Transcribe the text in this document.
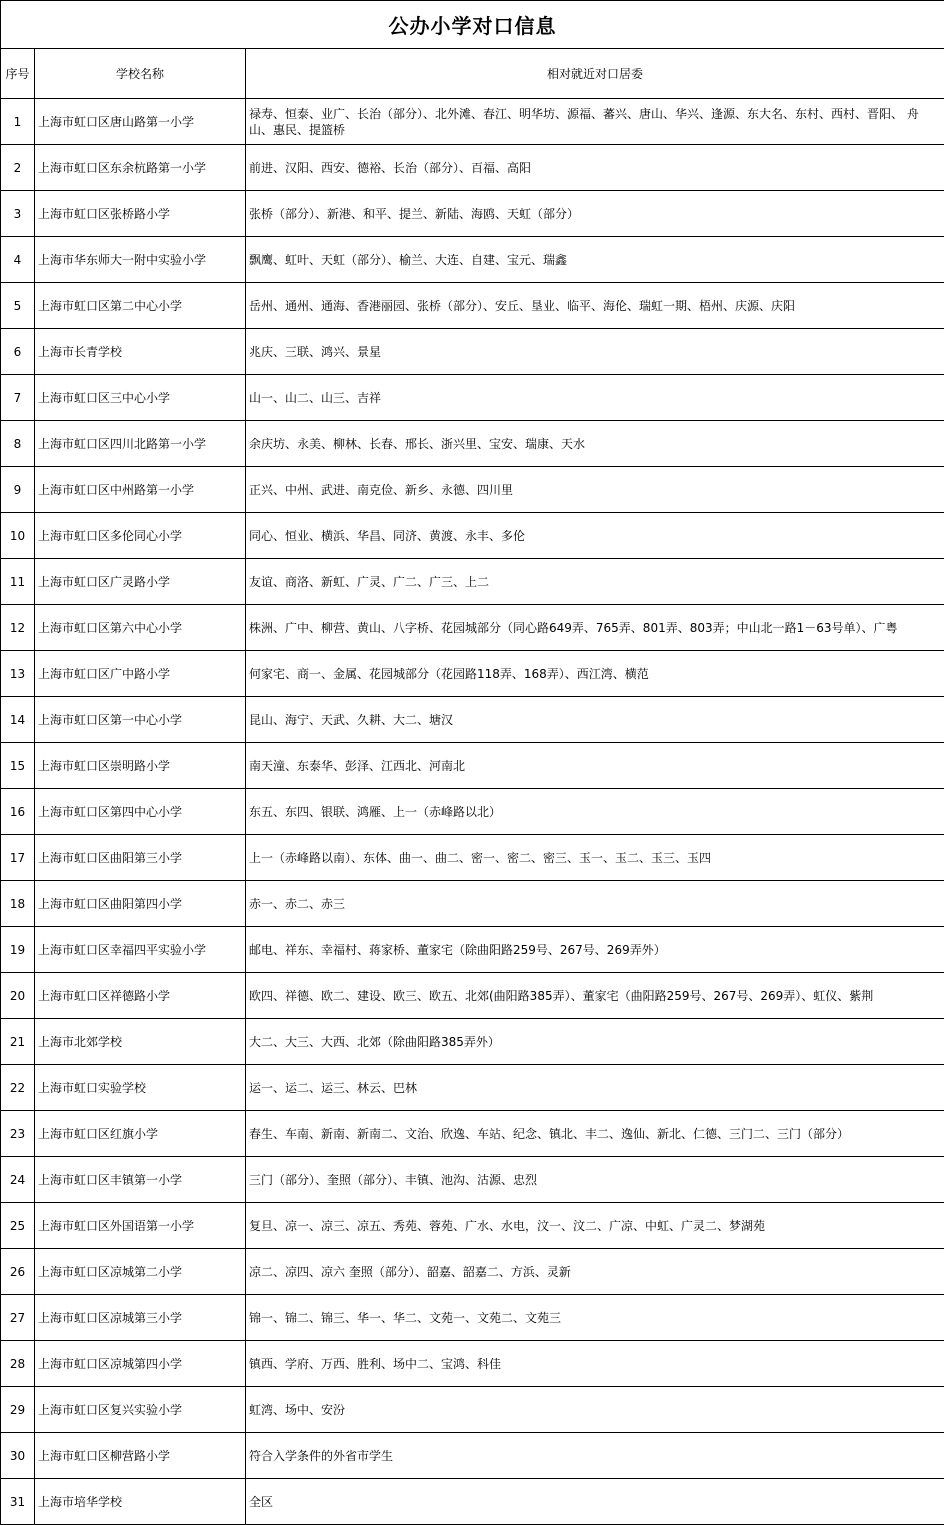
公办小学对口信息		
序号	学校名称	相对就近对口居委
1	上海市虹口区唐山路第一小学	禄寿、恒泰、业广、长治（部分）、北外滩、春江、明华坊、源福、蕃兴、唐山、华兴、逢源、东大名、东村、西村、晋阳、 舟山、惠民、提篮桥

2	上海市虹口区东余杭路第一小学	前进、汉阳、西安、德裕、长治（部分）、百福、高阳

3	上海市虹口区张桥路小学	张桥（部分）、新港、和平、提兰、新陆、海鸥、天虹（部分）

4	上海市华东师大一附中实验小学	飘鹰、虹叶、天虹（部分）、榆兰、大连、自建、宝元、瑞鑫

5	上海市虹口区第二中心小学	岳州、通州、通海、香港丽园、张桥（部分）、安丘、垦业、临平、海伦、瑞虹一期、梧州、庆源、庆阳

6	上海市长青学校	兆庆、三联、鸿兴、景星

7	上海市虹口区三中心小学	山一、山二、山三、吉祥

8	上海市虹口区四川北路第一小学	余庆坊、永美、柳林、长春、邢长、浙兴里、宝安、瑞康、天水

9	上海市虹口区中州路第一小学	正兴、中州、武进、南克俭、新乡、永德、四川里

10	上海市虹口区多伦同心小学	同心、恒业、横浜、华昌、同济、黄渡、永丰、多伦

11	上海市虹口区广灵路小学	友谊、商洛、新虹、广灵、广二、广三、上二

12	上海市虹口区第六中心小学	株洲、广中、柳营、黄山、八字桥、花园城部分（同心路649弄、765弄、801弄、803弄；中山北一路1－63号单）、广粤

13	上海市虹口区广中路小学	何家宅、商一、金属、花园城部分（花园路118弄、168弄）、西江湾、横范

14	上海市虹口区第一中心小学	昆山、海宁、天武、久耕、大二、塘汉

15	上海市虹口区崇明路小学	南天潼、东泰华、彭泽、江西北、河南北

16	上海市虹口区第四中心小学	东五、东四、银联、鸿雁、上一（赤峰路以北）

17	上海市虹口区曲阳第三小学	上一（赤峰路以南）、东体、曲一、曲二、密一、密二、密三、玉一、玉二、玉三、玉四

18	上海市虹口区曲阳第四小学	赤一、赤二、赤三

19	上海市虹口区幸福四平实验小学	邮电、祥东、幸福村、蒋家桥、董家宅（除曲阳路259号、267号、269弄外）

20	上海市虹口区祥德路小学	欧四、祥德、欧二、建设、欧三、欧五、北郊(曲阳路385弄）、董家宅（曲阳路259号、267号、269弄）、虹仪、紫荆

21	上海市北郊学校	大二、大三、大西、北郊（除曲阳路385弄外）

22	上海市虹口实验学校	运一、运二、运三、林云、巴林

23	上海市虹口区红旗小学	春生、车南、新南、新南二、文治、欣逸、车站、纪念、镇北、丰二、逸仙、新北、仁德、三门二、三门（部分）

24	上海市虹口区丰镇第一小学	三门（部分）、奎照（部分）、丰镇、池沟、沽源、忠烈

25	上海市虹口区外国语第一小学	复旦、凉一、凉三、凉五、秀苑、蓉苑、广水、水电，汶一、汶二、广凉、中虹、广灵二、梦湖苑

26	上海市虹口区凉城第二小学	凉二、凉四、凉六 奎照（部分）、韶嘉、韶嘉二、方浜、灵新

27	上海市虹口区凉城第三小学	锦一、锦二、锦三、华一、华二、文苑一、文苑二、文苑三

28	上海市虹口区凉城第四小学	镇西、学府、万西、胜利、场中二、宝鸿、科佳

29	上海市虹口区复兴实验小学	虹湾、场中、安汾

30	上海市虹口区柳营路小学	符合入学条件的外省市学生

31	上海市培华学校	全区
